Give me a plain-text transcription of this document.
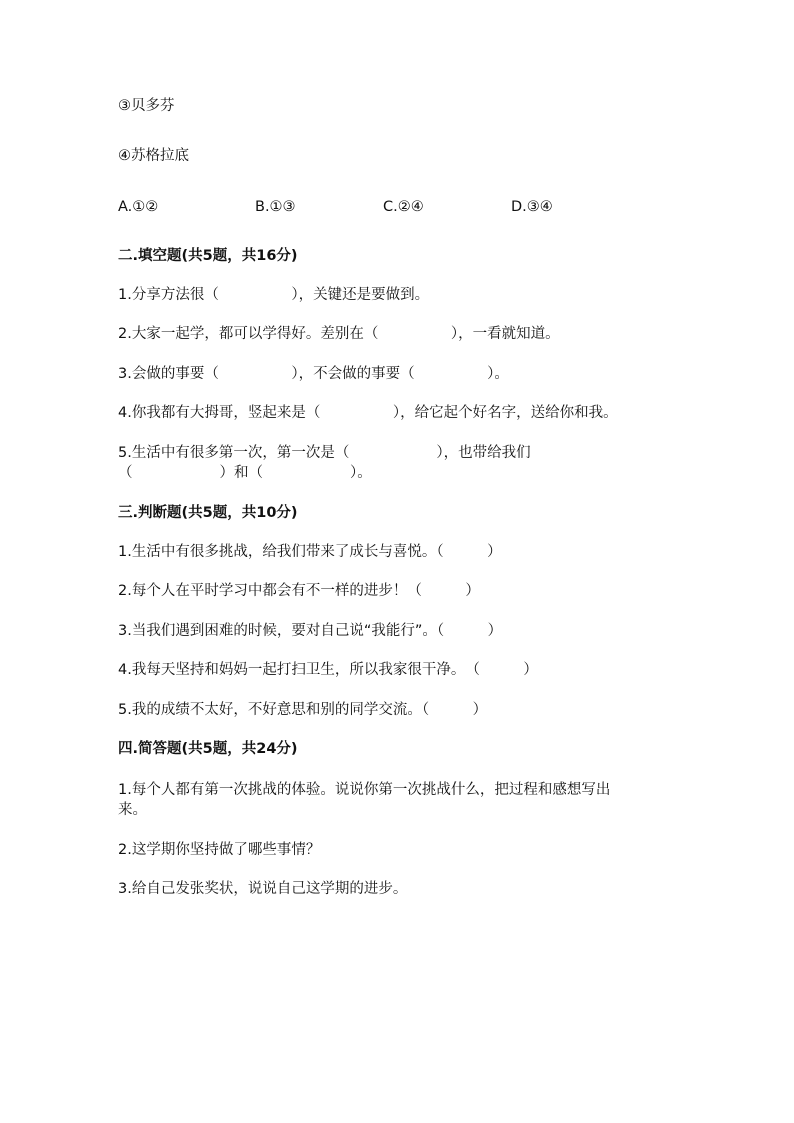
③贝多芬
④苏格拉底
A.①②	B.①③	C.②④	D.③④
二.填空题(共5题，共16分)
1.分享方法很（　　　　　），关键还是要做到。
2.大家一起学，都可以学得好。差别在（　　　　　），一看就知道。
3.会做的事要（　　　　　），不会做的事要（　　　　　）。
4.你我都有大拇哥，竖起来是（　　　　　），给它起个好名字，送给你和我。
5.生活中有很多第一次，第一次是（　　　　　　），也带给我们
（　　　　　　）和（　　　　　　）。
三.判断题(共5题，共10分)
1.生活中有很多挑战，给我们带来了成长与喜悦。（　　　）
2.每个人在平时学习中都会有不一样的进步！（　　　）
3.当我们遇到困难的时候，要对自己说“我能行”。（　　　）
4.我每天坚持和妈妈一起打扫卫生，所以我家很干净。　（　　　）
5.我的成绩不太好，不好意思和别的同学交流。（　　　）
四.简答题(共5题，共24分)
1.每个人都有第一次挑战的体验。说说你第一次挑战什么，把过程和感想写出
来。
2.这学期你坚持做了哪些事情？
3.给自己发张奖状，说说自己这学期的进步。
